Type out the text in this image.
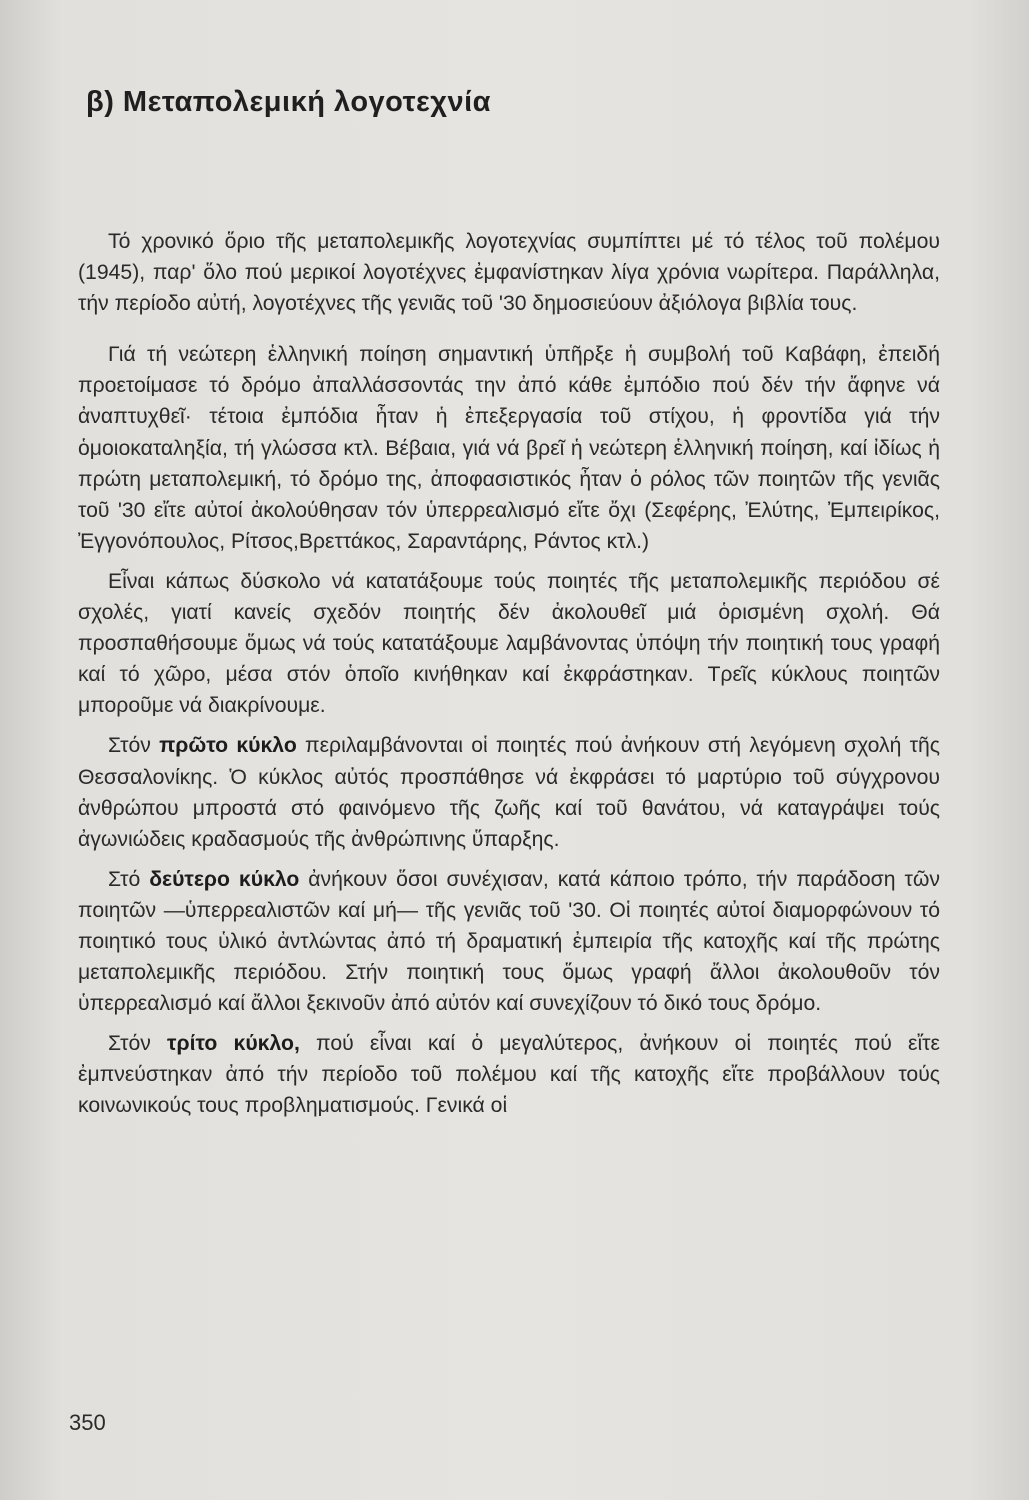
β) Μεταπολεμική λογοτεχνία

Τό χρονικό ὅριο τῆς μεταπολεμικῆς λογοτεχνίας συμπίπτει μέ τό τέλος τοῦ πολέμου (1945), παρ' ὅλο πού μερικοί λογοτέχνες ἐμφανίστηκαν λίγα χρόνια νωρίτερα. Παράλληλα, τήν περίοδο αὐτή, λογοτέχνες τῆς γενιᾶς τοῦ '30 δημοσιεύουν ἀξιόλογα βιβλία τους.

Γιά τή νεώτερη ἑλληνική ποίηση σημαντική ὑπῆρξε ἡ συμβολή τοῦ Καβάφη, ἐπειδή προετοίμασε τό δρόμο ἀπαλλάσσοντάς την ἀπό κάθε ἐμπόδιο πού δέν τήν ἄφηνε νά ἀναπτυχθεῖ· τέτοια ἐμπόδια ἦταν ἡ ἐπεξεργασία τοῦ στίχου, ἡ φροντίδα γιά τήν ὁμοιοκαταληξία, τή γλώσσα κτλ. Βέβαια, γιά νά βρεῖ ἡ νεώτερη ἑλληνική ποίηση, καί ἰδίως ἡ πρώτη μεταπολεμική, τό δρόμο της, ἀποφασιστικός ἦταν ὁ ρόλος τῶν ποιητῶν τῆς γενιᾶς τοῦ '30 εἴτε αὐτοί ἀκολούθησαν τόν ὑπερρεαλισμό εἴτε ὄχι (Σεφέρης, Ἐλύτης, Ἐμπειρίκος, Ἐγγονόπουλος, Ρίτσος,Βρεττάκος, Σαραντάρης, Ράντος κτλ.)

Εἶναι κάπως δύσκολο νά κατατάξουμε τούς ποιητές τῆς μεταπολεμικῆς περιόδου σέ σχολές, γιατί κανείς σχεδόν ποιητής δέν ἀκολουθεῖ μιά ὁρισμένη σχολή. Θά προσπαθήσουμε ὅμως νά τούς κατατάξουμε λαμβάνοντας ὑπόψη τήν ποιητική τους γραφή καί τό χῶρο, μέσα στόν ὁποῖο κινήθηκαν καί ἐκφράστηκαν. Τρεῖς κύκλους ποιητῶν μποροῦμε νά διακρίνουμε.

Στόν πρῶτο κύκλο περιλαμβάνονται οἱ ποιητές πού ἀνήκουν στή λεγόμενη σχολή τῆς Θεσσαλονίκης. Ὁ κύκλος αὐτός προσπάθησε νά ἐκφράσει τό μαρτύριο τοῦ σύγχρονου ἀνθρώπου μπροστά στό φαινόμενο τῆς ζωῆς καί τοῦ θανάτου, νά καταγράψει τούς ἀγωνιώδεις κραδασμούς τῆς ἀνθρώπινης ὕπαρξης.

Στό δεύτερο κύκλο ἀνήκουν ὅσοι συνέχισαν, κατά κάποιο τρόπο, τήν παράδοση τῶν ποιητῶν —ὑπερρεαλιστῶν καί μή— τῆς γενιᾶς τοῦ '30. Οἱ ποιητές αὐτοί διαμορφώνουν τό ποιητικό τους ὑλικό ἀντλώντας ἀπό τή δραματική ἐμπειρία τῆς κατοχῆς καί τῆς πρώτης μεταπολεμικῆς περιόδου. Στήν ποιητική τους ὅμως γραφή ἄλλοι ἀκολουθοῦν τόν ὑπερρεαλισμό καί ἄλλοι ξεκινοῦν ἀπό αὐτόν καί συνεχίζουν τό δικό τους δρόμο.

Στόν τρίτο κύκλο, πού εἶναι καί ὁ μεγαλύτερος, ἀνήκουν οἱ ποιητές πού εἴτε ἐμπνεύστηκαν ἀπό τήν περίοδο τοῦ πολέμου καί τῆς κατοχῆς εἴτε προβάλλουν τούς κοινωνικούς τους προβληματισμούς. Γενικά οἱ

350
